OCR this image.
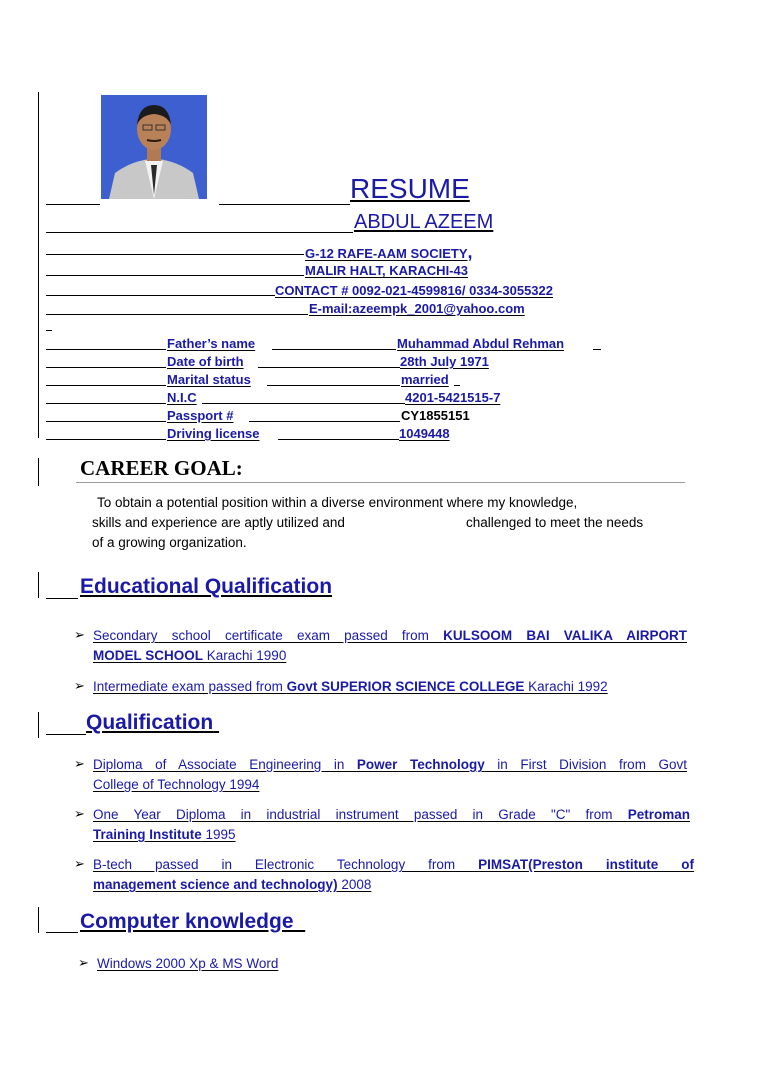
RESUME
ABDUL AZEEM
G-12 RAFE-AAM SOCIETY,
MALIR HALT, KARACHI-43
CONTACT # 0092-021-4599816/ 0334-3055322
E-mail:azeempk_2001@yahoo.com
Father’s name	Muhammad Abdul Rehman
Date of birth	28th July 1971
Marital status	married
N.I.C	4201-5421515-7
Passport #	CY1855151
Driving license	1049448
CAREER GOAL:
To obtain a potential position within a diverse environment where my knowledge,
skills and experience are aptly utilized and	challenged to meet the needs
of a growing organization.
Educational Qualification
➢ Secondary school certificate exam passed from KULSOOM BAI VALIKA AIRPORT
MODEL SCHOOL Karachi 1990
➢ Intermediate exam passed from Govt SUPERIOR SCIENCE COLLEGE Karachi 1992
Qualification
➢ Diploma of Associate Engineering in Power Technology in First Division from Govt
College of Technology 1994
➢ One Year Diploma in industrial instrument passed in Grade "C" from Petroman
Training Institute 1995
➢ B-tech passed in Electronic Technology from PIMSAT(Preston institute of
management science and technology) 2008
Computer knowledge
➢ Windows 2000 Xp & MS Word
